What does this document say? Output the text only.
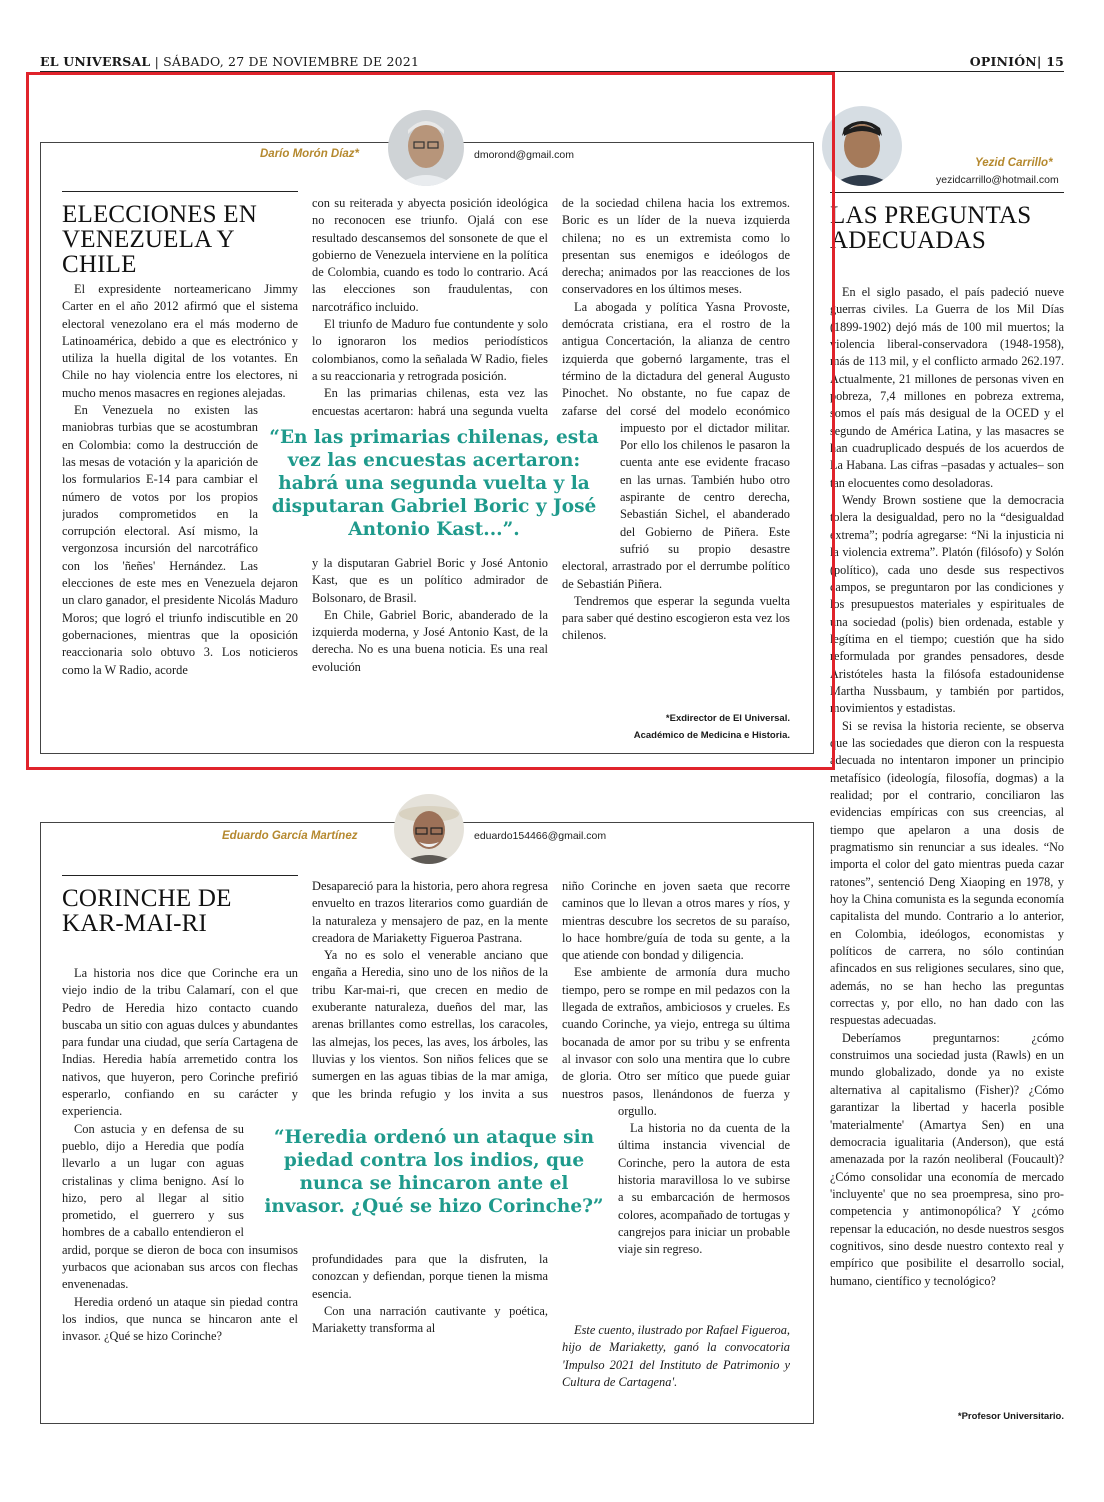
EL UNIVERSAL | SÁBADO, 27 DE NOVIEMBRE DE 2021	OPINIÓN| 15
Darío Morón Díaz*	dmorond@gmail.com
ELECCIONES EN
VENEZUELA Y CHILE

El expresidente norteamericano Jimmy Carter en el año 2012 afirmó que el sistema electoral venezolano era el más moderno de Latinoamérica, debido a que es electrónico y utiliza la huella digital de los votantes. En Chile no hay violencia entre los electores, ni mucho menos masacres en regiones alejadas.

En Venezuela no existen las maniobras turbias que se acostumbran en Colombia: como la destrucción de las mesas de votación y la aparición de los formularios E-14 para cambiar el número de votos por los propios jurados comprometidos en la corrupción electoral. Así mismo, la vergonzosa incursión del narcotráfico con los 'ñeñes' Hernández. Las elecciones de este mes en Venezuela dejaron un claro ganador, el presidente Nicolás Maduro Moros; que logró el triunfo indiscutible en 20 gobernaciones, mientras que la oposición reaccionaria solo obtuvo 3. Los noticieros como la W Radio, acorde

con su reiterada y abyecta posición ideológica no reconocen ese triunfo. Ojalá con ese resultado descansemos del sonsonete de que el gobierno de Venezuela interviene en la política de Colombia, cuando es todo lo contrario. Acá las elecciones son fraudulentas, con narcotráfico incluido.

El triunfo de Maduro fue contundente y solo lo ignoraron los medios periodísticos colombianos, como la señalada W Radio, fieles a su reaccionaria y retrograda posición.

En las primarias chilenas, esta vez las encuestas acertaron: habrá una segunda vuelta y la disputaran Gabriel Boric y José Antonio Kast, que es un político admirador de Bolsonaro, de Brasil.

En Chile, Gabriel Boric, abanderado de la izquierda moderna, y José Antonio Kast, de la derecha. No es una buena noticia. Es una real evolución

de la sociedad chilena hacia los extremos. Boric es un líder de la nueva izquierda chilena; no es un extremista como lo presentan sus enemigos e ideólogos de derecha; animados por las reacciones de los conservadores en los últimos meses.

La abogada y política Yasna Provoste, demócrata cristiana, era el rostro de la antigua Concertación, la alianza de centro izquierda que gobernó largamente, tras el término de la dictadura del general Augusto Pinochet. No obstante, no fue capaz de zafarse del corsé del modelo económico impuesto por el dictador militar. Por ello los chilenos le pasaron la cuenta ante ese evidente fracaso en las urnas. También hubo otro aspirante de centro derecha, Sebastián Sichel, el abanderado del Gobierno de Piñera. Este sufrió su propio desastre electoral, arrastrado por el derrumbe político de Sebastián Piñera.

Tendremos que esperar la segunda vuelta para saber qué destino escogieron esta vez los chilenos.

*Exdirector de El Universal.
Académico de Medicina e Historia.
“En las primarias chilenas, esta vez las encuestas acertaron: habrá una segunda vuelta y la disputaran Gabriel Boric y José Antonio Kast...”.
Eduardo García Martínez	eduardo154466@gmail.com
CORINCHE DE
KAR-MAI-RI

La historia nos dice que Corinche era un viejo indio de la tribu Calamarí, con el que Pedro de Heredia hizo contacto cuando buscaba un sitio con aguas dulces y abundantes para fundar una ciudad, que sería Cartagena de Indias. Heredia había arremetido contra los nativos, que huyeron, pero Corinche prefirió esperarlo, confiando en su carácter y experiencia.

Con astucia y en defensa de su pueblo, dijo a Heredia que podía llevarlo a un lugar con aguas cristalinas y clima benigno. Así lo hizo, pero al llegar al sitio prometido, el guerrero y sus hombres de a caballo entendieron el ardid, porque se dieron de boca con insumisos yurbacos que acionaban sus arcos con flechas envenenadas.

Heredia ordenó un ataque sin piedad contra los indios, que nunca se hincaron ante el invasor. ¿Qué se hizo Corinche?

Desapareció para la historia, pero ahora regresa envuelto en trazos literarios como guardián de la naturaleza y mensajero de paz, en la mente creadora de Mariaketty Figueroa Pastrana.

Ya no es solo el venerable anciano que engaña a Heredia, sino uno de los niños de la tribu Kar-mai-ri, que crecen en medio de exuberante naturaleza, dueños del mar, las arenas brillantes como estrellas, los caracoles, las almejas, los peces, las aves, los árboles, las lluvias y los vientos. Son niños felices que se sumergen en las aguas tibias de la mar amiga, que les brinda refugio y los invita a sus profundidades para que la disfruten, la conozcan y defiendan, porque tienen la misma esencia.

Con una narración cautivante y poética, Mariaketty transforma al

niño Corinche en joven saeta que recorre caminos que lo llevan a otros mares y ríos, y mientras descubre los secretos de su paraíso, lo hace hombre/guía de toda su gente, a la que atiende con bondad y diligencia.

Ese ambiente de armonía dura mucho tiempo, pero se rompe en mil pedazos con la llegada de extraños, ambiciosos y crueles. Es cuando Corinche, ya viejo, entrega su última bocanada de amor por su tribu y se enfrenta al invasor con solo una mentira que lo cubre de gloria. Otro ser mítico que puede guiar nuestros pasos, llenándonos de fuerza y orgullo.

La historia no da cuenta de la última instancia vivencial de Corinche, pero la autora de esta historia maravillosa lo ve subirse a su embarcación de hermosos colores, acompañado de tortugas y cangrejos para iniciar un probable viaje sin regreso.

Este cuento, ilustrado por Rafael Figueroa, hijo de Mariaketty, ganó la convocatoria 'Impulso 2021 del Instituto de Patrimonio y Cultura de Cartagena'.

“Heredia ordenó un ataque sin piedad contra los indios, que nunca se hincaron ante el invasor. ¿Qué se hizo Corinche?”
Yezid Carrillo*
yezidcarrillo@hotmail.com
LAS PREGUNTAS
ADECUADAS

En el siglo pasado, el país padeció nueve guerras civiles. La Guerra de los Mil Días (1899-1902) dejó más de 100 mil muertos; la violencia liberal-conservadora (1948-1958), más de 113 mil, y el conflicto armado 262.197. Actualmente, 21 millones de personas viven en pobreza, 7,4 millones en pobreza extrema, somos el país más desigual de la OCED y el segundo de América Latina, y las masacres se han cuadruplicado después de los acuerdos de La Habana. Las cifras –pasadas y actuales– son tan elocuentes como desoladoras.

Wendy Brown sostiene que la democracia tolera la desigualdad, pero no la “desigualdad extrema”; podría agregarse: “Ni la injusticia ni la violencia extrema”. Platón (filósofo) y Solón (político), cada uno desde sus respectivos campos, se preguntaron por las condiciones y los presupuestos materiales y espirituales de una sociedad (polis) bien ordenada, estable y legítima en el tiempo; cuestión que ha sido reformulada por grandes pensadores, desde Aristóteles hasta la filósofa estadounidense Martha Nussbaum, y también por partidos, movimientos y estadistas.

Si se revisa la historia reciente, se observa que las sociedades que dieron con la respuesta adecuada no intentaron imponer un principio metafísico (ideología, filosofía, dogmas) a la realidad; por el contrario, conciliaron las evidencias empíricas con sus creencias, al tiempo que apelaron a una dosis de pragmatismo sin renunciar a sus ideales. “No importa el color del gato mientras pueda cazar ratones”, sentenció Deng Xiaoping en 1978, y hoy la China comunista es la segunda economía capitalista del mundo. Contrario a lo anterior, en Colombia, ideólogos, economistas y políticos de carrera, no sólo continúan afincados en sus religiones seculares, sino que, además, no se han hecho las preguntas correctas y, por ello, no han dado con las respuestas adecuadas.

Deberíamos preguntarnos: ¿cómo construimos una sociedad justa (Rawls) en un mundo globalizado, donde ya no existe alternativa al capitalismo (Fisher)? ¿Cómo garantizar la libertad y hacerla posible 'materialmente' (Amartya Sen) en una democracia igualitaria (Anderson), que está amenazada por la razón neoliberal (Foucault)? ¿Cómo consolidar una economía de mercado 'incluyente' que no sea proempresa, sino pro-competencia y antimonopólica? Y ¿cómo repensar la educación, no desde nuestros sesgos cognitivos, sino desde nuestro contexto real y empírico que posibilite el desarrollo social, humano, científico y tecnológico?

*Profesor Universitario.
